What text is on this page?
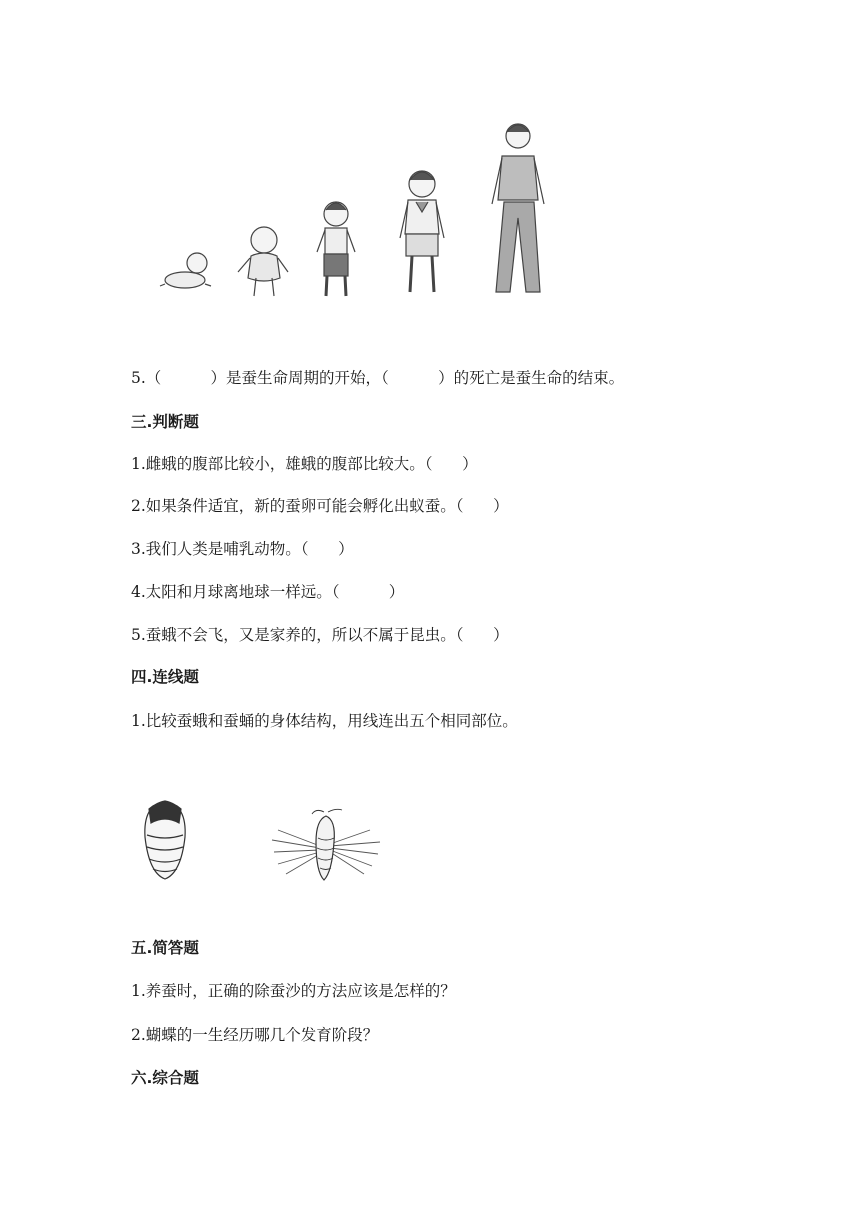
5.（          ）是蚕生命周期的开始，（          ）的死亡是蚕生命的结束。
三.判断题
1.雌蛾的腹部比较小，雄蛾的腹部比较大。（      ）
2.如果条件适宜，新的蚕卵可能会孵化出蚁蚕。（      ）
3.我们人类是哺乳动物。（      ）
4.太阳和月球离地球一样远。（          ）
5.蚕蛾不会飞，又是家养的，所以不属于昆虫。（      ）
四.连线题
1.比较蚕蛾和蚕蛹的身体结构，用线连出五个相同部位。
五.简答题
1.养蚕时，正确的除蚕沙的方法应该是怎样的？
2.蝴蝶的一生经历哪几个发育阶段？
六.综合题
